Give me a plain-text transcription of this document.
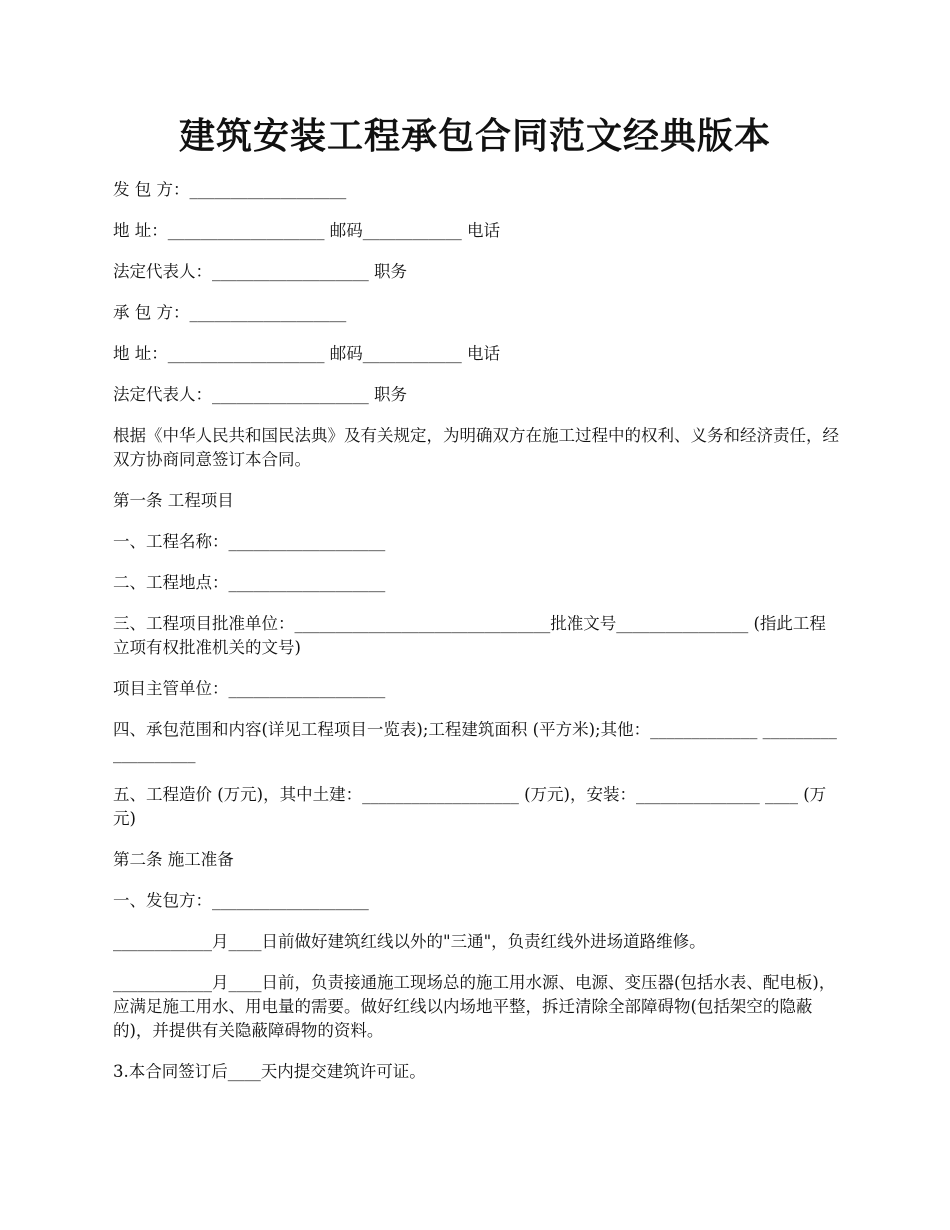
建筑安装工程承包合同范文经典版本

发 包 方：___________________

地 址：___________________ 邮码____________ 电话

法定代表人：___________________ 职务

承 包 方：___________________

地 址：___________________ 邮码____________ 电话

法定代表人：___________________ 职务

根据《中华人民共和国民法典》及有关规定，为明确双方在施工过程中的权利、义务和经济责任，经双方协商同意签订本合同。

第一条 工程项目

一、工程名称：___________________

二、工程地点：___________________

三、工程项目批准单位：_______________________________批准文号________________ (指此工程立项有权批准机关的文号)

项目主管单位：___________________

四、承包范围和内容(详见工程项目一览表);工程建筑面积 (平方米);其他：_____________ ___________________

五、工程造价 (万元)，其中土建：___________________ (万元)，安装：_______________ ____ (万元)

第二条 施工准备

一、发包方：___________________

____________月____日前做好建筑红线以外的"三通"，负责红线外进场道路维修。

____________月____日前，负责接通施工现场总的施工用水源、电源、变压器(包括水表、配电板)，应满足施工用水、用电量的需要。做好红线以内场地平整，拆迁清除全部障碍物(包括架空的隐蔽的)，并提供有关隐蔽障碍物的资料。

3.本合同签订后____天内提交建筑许可证。
